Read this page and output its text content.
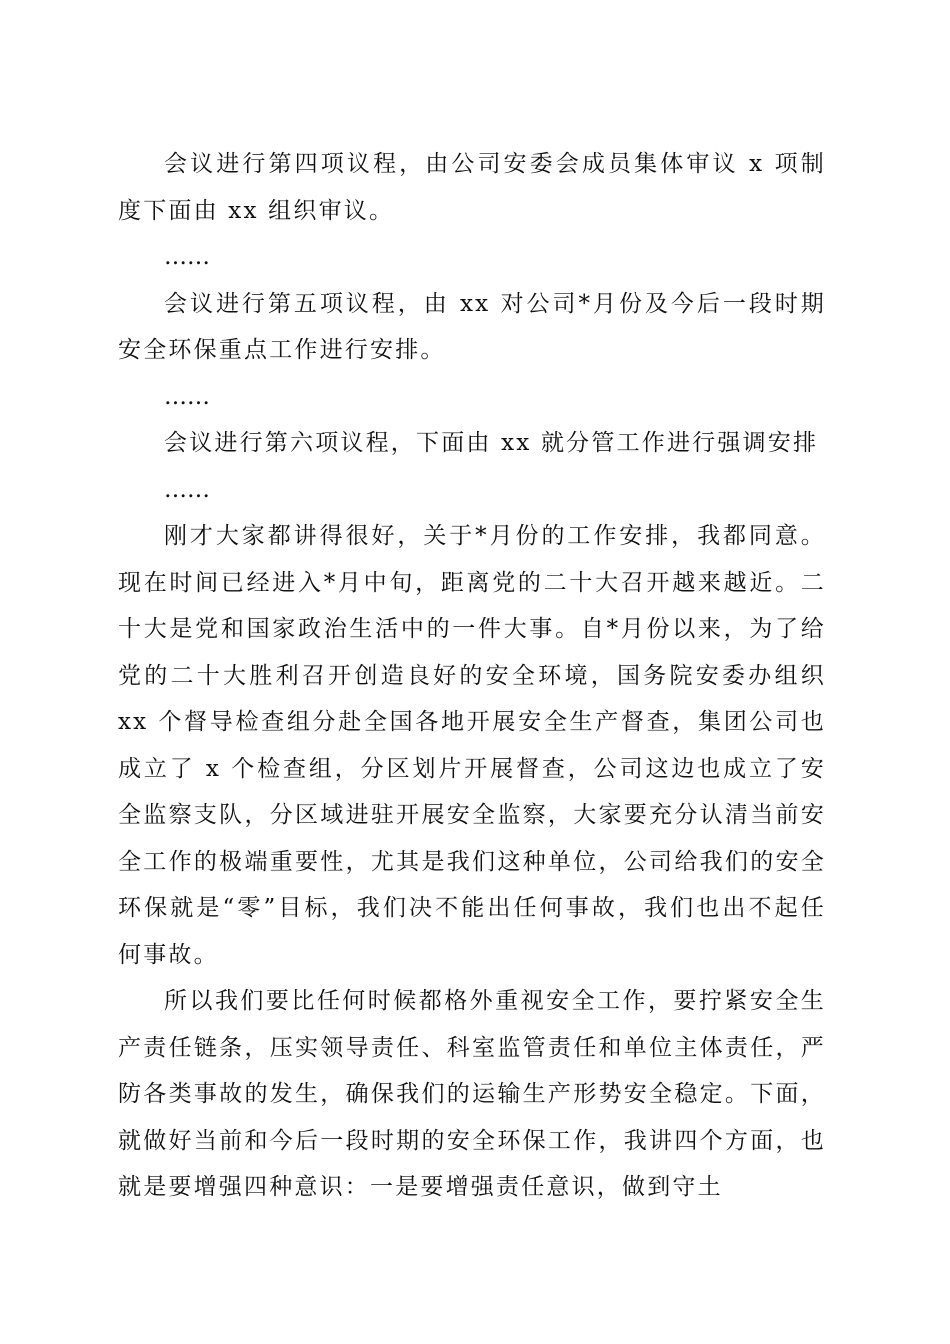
会议进行第四项议程，由公司安委会成员集体审议 x 项制度下面由 xx 组织审议。

……

会议进行第五项议程，由 xx 对公司*月份及今后一段时期安全环保重点工作进行安排。

……

会议进行第六项议程，下面由 xx 就分管工作进行强调安排

……

刚才大家都讲得很好，关于*月份的工作安排，我都同意。现在时间已经进入*月中旬，距离党的二十大召开越来越近。二十大是党和国家政治生活中的一件大事。自*月份以来，为了给党的二十大胜利召开创造良好的安全环境，国务院安委办组织 xx 个督导检查组分赴全国各地开展安全生产督查，集团公司也成立了 x 个检查组，分区划片开展督查，公司这边也成立了安全监察支队，分区域进驻开展安全监察，大家要充分认清当前安全工作的极端重要性，尤其是我们这种单位，公司给我们的安全环保就是“零”目标，我们决不能出任何事故，我们也出不起任何事故。

所以我们要比任何时候都格外重视安全工作，要拧紧安全生产责任链条，压实领导责任、科室监管责任和单位主体责任，严防各类事故的发生，确保我们的运输生产形势安全稳定。下面，就做好当前和今后一段时期的安全环保工作，我讲四个方面，也就是要增强四种意识：一是要增强责任意识，做到守土
